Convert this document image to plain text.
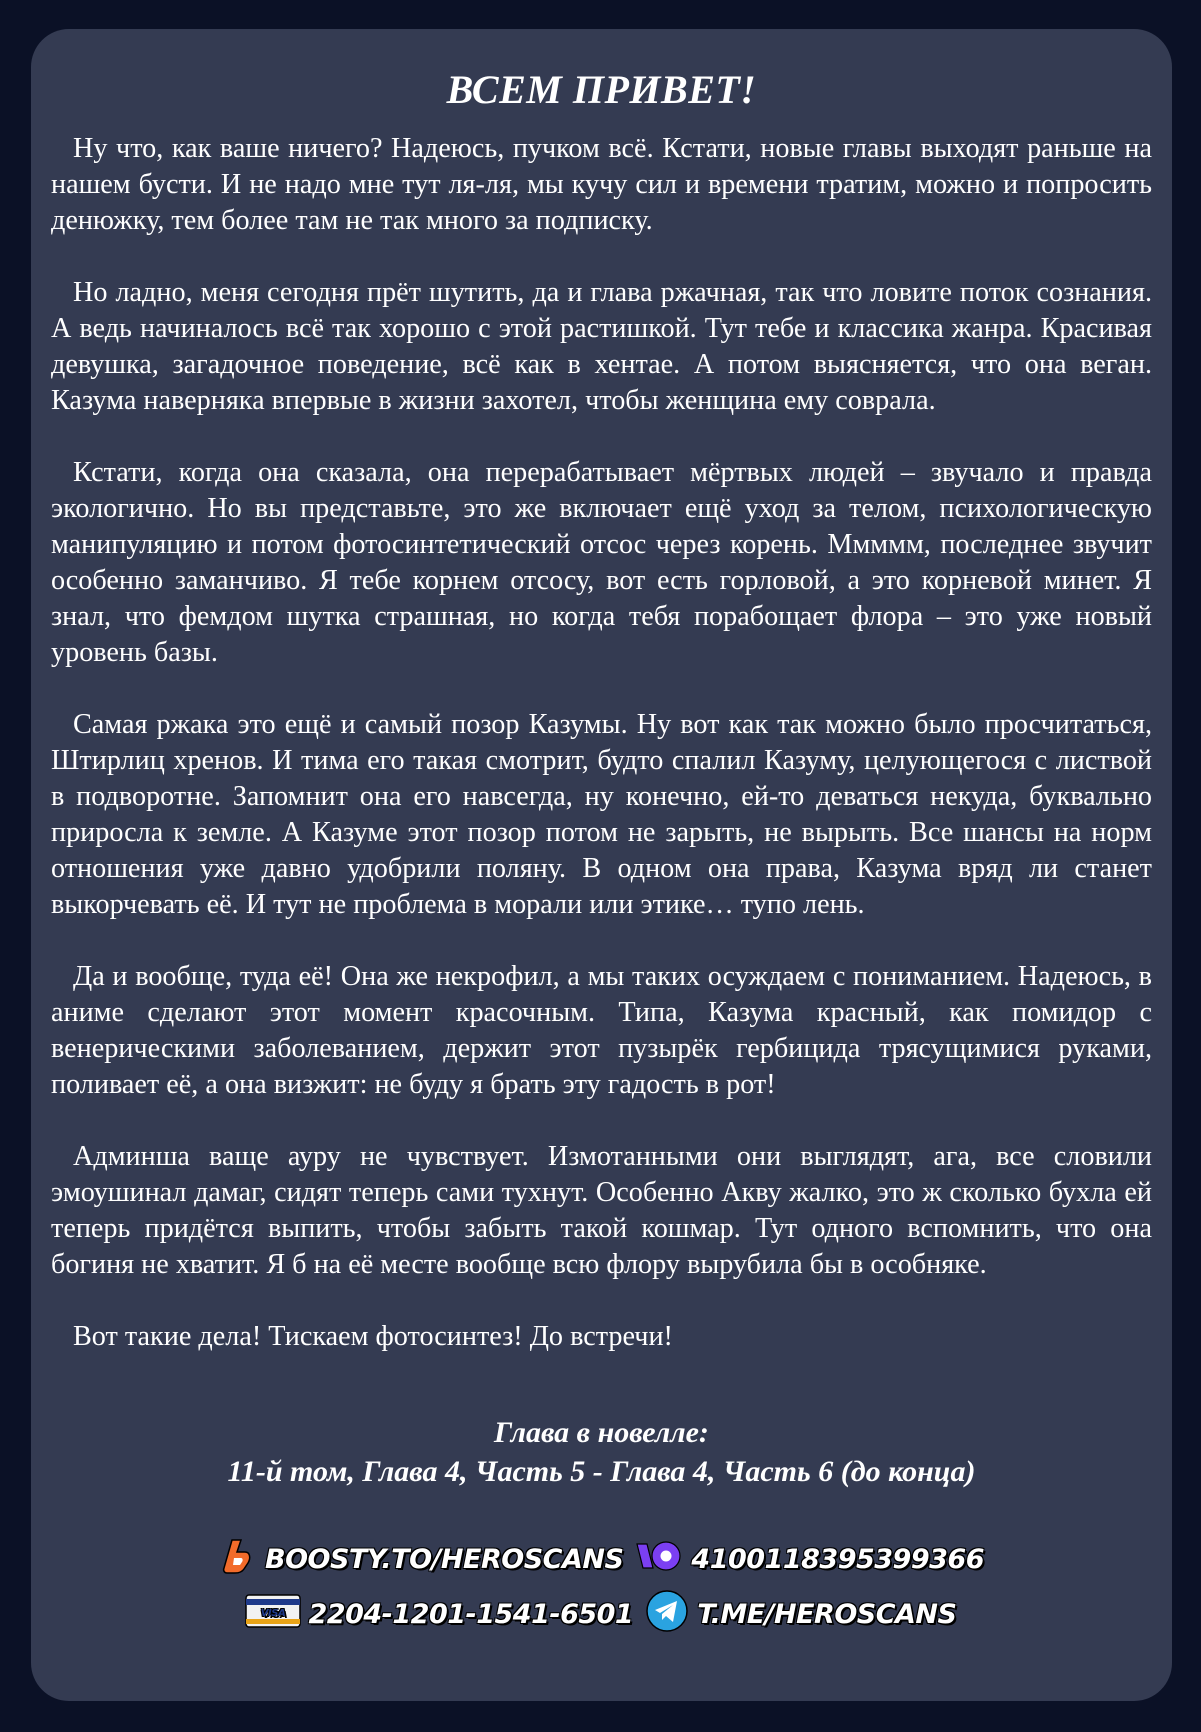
ВСЕМ ПРИВЕТ!

Ну что, как ваше ничего? Надеюсь, пучком всё. Кстати, новые главы выходят раньше на нашем бусти. И не надо мне тут ля-ля, мы кучу сил и времени тратим, можно и попросить денюжку, тем более там не так много за подписку.

Но ладно, меня сегодня прёт шутить, да и глава ржачная, так что ловите поток сознания. А ведь начиналось всё так хорошо с этой растишкой. Тут тебе и классика жанра. Красивая девушка, загадочное поведение, всё как в хентае. А потом выясняется, что она веган. Казума наверняка впервые в жизни захотел, чтобы женщина ему соврала.

Кстати, когда она сказала, она перерабатывает мёртвых людей – звучало и правда экологично. Но вы представьте, это же включает ещё уход за телом, психологическую манипуляцию и потом фотосинтетический отсос через корень. Ммммм, последнее звучит особенно заманчиво. Я тебе корнем отсосу, вот есть горловой, а это корневой минет. Я знал, что фемдом шутка страшная, но когда тебя порабощает флора – это уже новый уровень базы.

Самая ржака это ещё и самый позор Казумы. Ну вот как так можно было просчитаться, Штирлиц хренов. И тима его такая смотрит, будто спалил Казуму, целующегося с листвой в подворотне. Запомнит она его навсегда, ну конечно, ей-то деваться некуда, буквально приросла к земле. А Казуме этот позор потом не зарыть, не вырыть. Все шансы на норм отношения уже давно удобрили поляну. В одном она права, Казума вряд ли станет выкорчевать её. И тут не проблема в морали или этике… тупо лень.

Да и вообще, туда её! Она же некрофил, а мы таких осуждаем с пониманием. Надеюсь, в аниме сделают этот момент красочным. Типа, Казума красный, как помидор с венерическими заболеванием, держит этот пузырёк гербицида трясущимися руками, поливает её, а она визжит: не буду я брать эту гадость в рот!

Админша ваще ауру не чувствует. Измотанными они выглядят, ага, все словили эмоушинал дамаг, сидят теперь сами тухнут. Особенно Акву жалко, это ж сколько бухла ей теперь придётся выпить, чтобы забыть такой кошмар. Тут одного вспомнить, что она богиня не хватит. Я б на её месте вообще всю флору вырубила бы в особняке.

Вот такие дела! Тискаем фотосинтез! До встречи!

Глава в новелле:
11-й том, Глава 4, Часть 5 - Глава 4, Часть 6 (до конца)
BOOSTY.TO/HEROSCANS	4100118395399366
VISA 2204-1201-1541-6501 T.ME/HEROSCANS
